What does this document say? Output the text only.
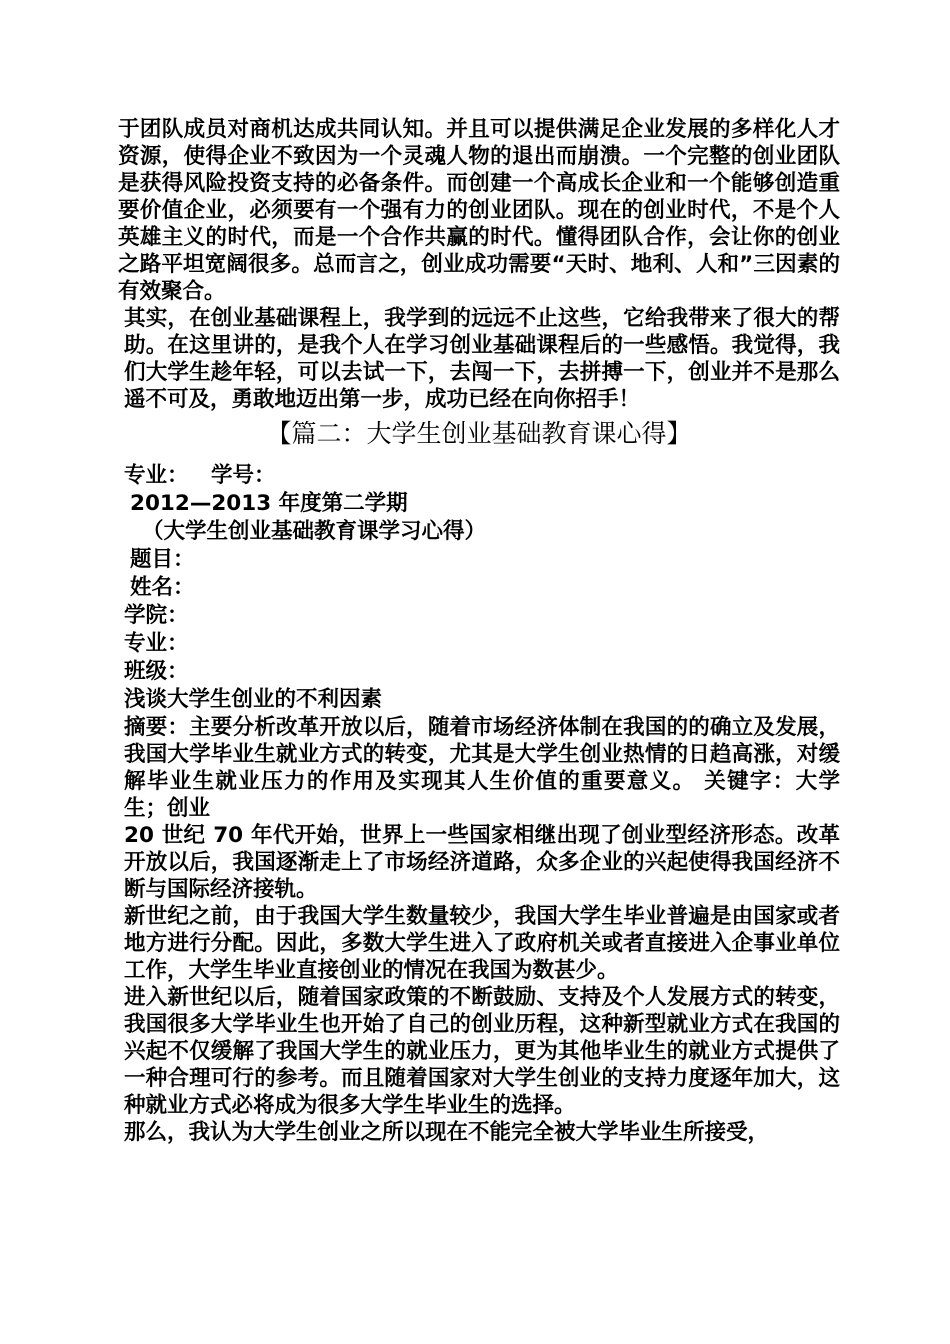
于团队成员对商机达成共同认知。并且可以提供满足企业发展的多样化人才资源，使得企业不致因为一个灵魂人物的退出而崩溃。一个完整的创业团队是获得风险投资支持的必备条件。而创建一个高成长企业和一个能够创造重要价值企业，必须要有一个强有力的创业团队。现在的创业时代，不是个人英雄主义的时代，而是一个合作共赢的时代。懂得团队合作，会让你的创业之路平坦宽阔很多。总而言之，创业成功需要“天时、地利、人和”三因素的有效聚合。

其实，在创业基础课程上，我学到的远远不止这些，它给我带来了很大的帮助。在这里讲的，是我个人在学习创业基础课程后的一些感悟。我觉得，我们大学生趁年轻，可以去试一下，去闯一下，去拼搏一下，创业并不是那么遥不可及，勇敢地迈出第一步，成功已经在向你招手！

【篇二：大学生创业基础教育课心得】

专业：   学号：

2012—2013 年度第二学期

（大学生创业基础教育课学习心得）

题目：

姓名：

学院：

专业：

班级：

浅谈大学生创业的不利因素

摘要：主要分析改革开放以后，随着市场经济体制在我国的的确立及发展，我国大学毕业生就业方式的转变，尤其是大学生创业热情的日趋高涨，对缓解毕业生就业压力的作用及实现其人生价值的重要意义。 关键字：大学生；创业

20 世纪 70 年代开始，世界上一些国家相继出现了创业型经济形态。改革开放以后，我国逐渐走上了市场经济道路，众多企业的兴起使得我国经济不断与国际经济接轨。

新世纪之前，由于我国大学生数量较少，我国大学生毕业普遍是由国家或者地方进行分配。因此，多数大学生进入了政府机关或者直接进入企事业单位工作，大学生毕业直接创业的情况在我国为数甚少。

进入新世纪以后，随着国家政策的不断鼓励、支持及个人发展方式的转变，我国很多大学毕业生也开始了自己的创业历程，这种新型就业方式在我国的兴起不仅缓解了我国大学生的就业压力，更为其他毕业生的就业方式提供了一种合理可行的参考。而且随着国家对大学生创业的支持力度逐年加大，这种就业方式必将成为很多大学生毕业生的选择。

那么，我认为大学生创业之所以现在不能完全被大学毕业生所接受，
